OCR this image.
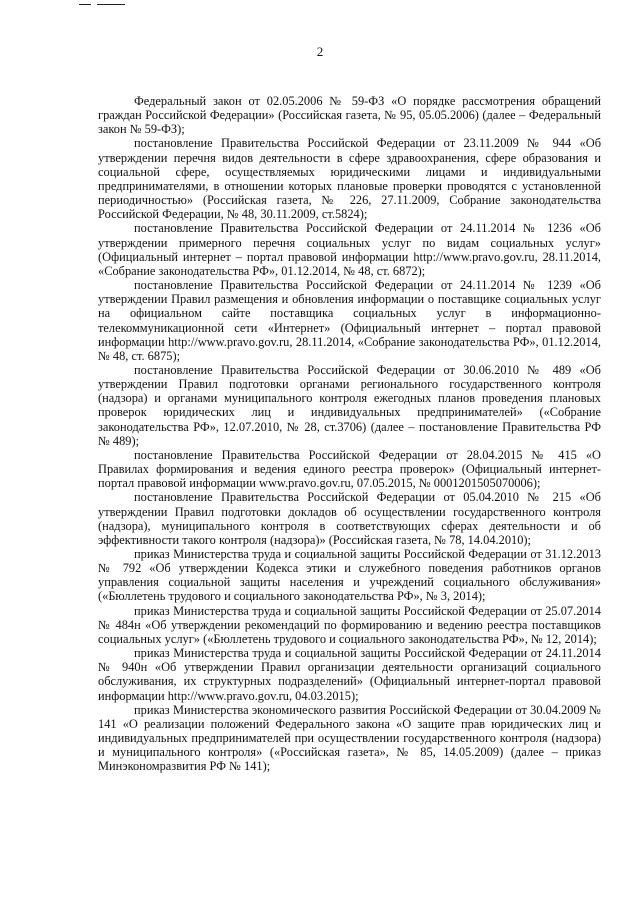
2

Федеральный закон от 02.05.2006 № 59-ФЗ «О порядке рассмотрения обращений граждан Российской Федерации» (Российская газета, № 95, 05.05.2006) (далее – Федеральный закон № 59-ФЗ);

постановление Правительства Российской Федерации от 23.11.2009 № 944 «Об утверждении перечня видов деятельности в сфере здравоохранения, сфере образования и социальной сфере, осуществляемых юридическими лицами и индивидуальными предпринимателями, в отношении которых плановые проверки проводятся с установленной периодичностью» (Российская газета, № 226, 27.11.2009, Собрание законодательства Российской Федерации, № 48, 30.11.2009, ст.5824);

постановление Правительства Российской Федерации от 24.11.2014 № 1236 «Об утверждении примерного перечня социальных услуг по видам социальных услуг» (Официальный интернет – портал правовой информации http://www.pravo.gov.ru, 28.11.2014, «Собрание законодательства РФ», 01.12.2014, № 48, ст. 6872);

постановление Правительства Российской Федерации от 24.11.2014 № 1239 «Об утверждении Правил размещения и обновления информации о поставщике социальных услуг на официальном сайте поставщика социальных услуг в информационно-телекоммуникационной сети «Интернет» (Официальный интернет – портал правовой информации http://www.pravo.gov.ru, 28.11.2014, «Собрание законодательства РФ», 01.12.2014, № 48, ст. 6875);

постановление Правительства Российской Федерации от 30.06.2010 № 489 «Об утверждении Правил подготовки органами регионального государственного контроля (надзора) и органами муниципального контроля ежегодных планов проведения плановых проверок юридических лиц и индивидуальных предпринимателей» («Собрание законодательства РФ», 12.07.2010, № 28, ст.3706) (далее – постановление Правительства РФ № 489);

постановление Правительства Российской Федерации от 28.04.2015 № 415 «О Правилах формирования и ведения единого реестра проверок» (Официальный интернет-портал правовой информации www.pravo.gov.ru, 07.05.2015, № 0001201505070006);

постановление Правительства Российской Федерации от 05.04.2010 № 215 «Об утверждении Правил подготовки докладов об осуществлении государственного контроля (надзора), муниципального контроля в соответствующих сферах деятельности и об эффективности такого контроля (надзора)» (Российская газета, № 78, 14.04.2010);

приказ Министерства труда и социальной защиты Российской Федерации от 31.12.2013 № 792 «Об утверждении Кодекса этики и служебного поведения работников органов управления социальной защиты населения и учреждений социального обслуживания» («Бюллетень трудового и социального законодательства РФ», № 3, 2014);

приказ Министерства труда и социальной защиты Российской Федерации от 25.07.2014 № 484н «Об утверждении рекомендаций по формированию и ведению реестра поставщиков социальных услуг» («Бюллетень трудового и социального законодательства РФ», № 12, 2014);

приказ Министерства труда и социальной защиты Российской Федерации от 24.11.2014 № 940н «Об утверждении Правил организации деятельности организаций социального обслуживания, их структурных подразделений» (Официальный интернет-портал правовой информации http://www.pravo.gov.ru, 04.03.2015);

приказ Министерства экономического развития Российской Федерации от 30.04.2009 № 141 «О реализации положений Федерального закона «О защите прав юридических лиц и индивидуальных предпринимателей при осуществлении государственного контроля (надзора) и муниципального контроля» («Российская газета», № 85, 14.05.2009) (далее – приказ Минэкономразвития РФ № 141);
